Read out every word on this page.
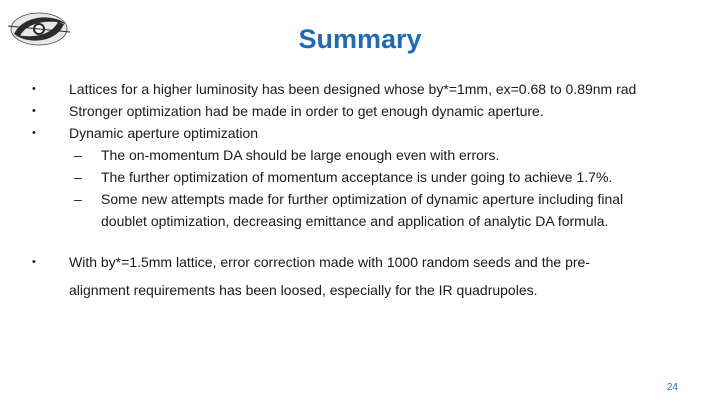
Summary
• Lattices for a higher luminosity has been designed whose by*=1mm, ex=0.68 to 0.89nm rad
• Stronger optimization had be made in order to get enough dynamic aperture.
• Dynamic aperture optimization
– The on-momentum DA should be large enough even with errors.
– The further optimization of momentum acceptance is under going to achieve 1.7%.
– Some new attempts made for further optimization of dynamic aperture including final
doublet optimization, decreasing emittance and application of analytic DA formula.
• With by*=1.5mm lattice, error correction made with 1000 random seeds and the pre-
alignment requirements has been loosed, especially for the IR quadrupoles.
24
